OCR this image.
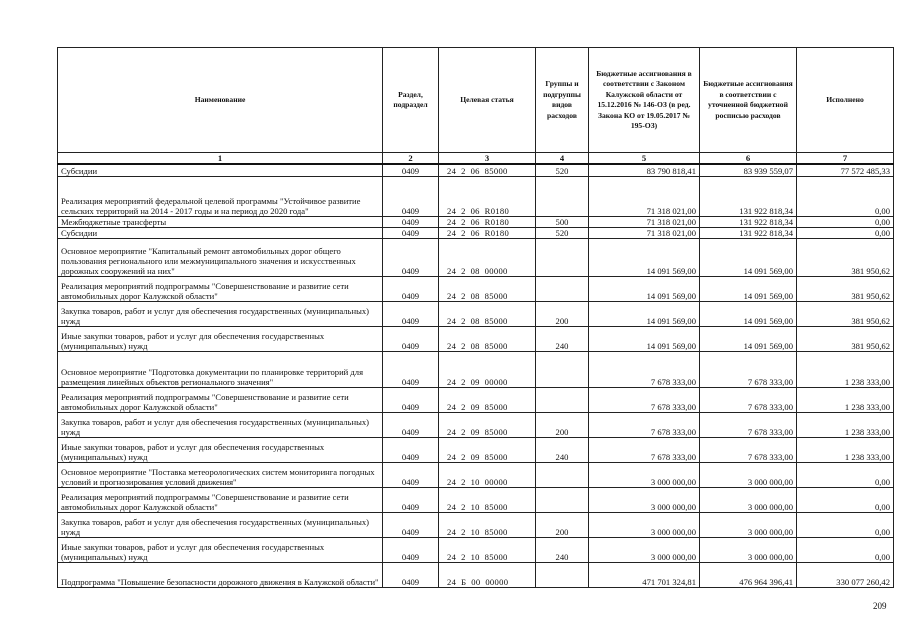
Наименование	Раздел, подраздел	Целевая статья	Группы и подгруппы видов расходов	Бюджетные ассигнования в соответствии с Законом Калужской области от 15.12.2016 № 146-ОЗ (в ред. Закона КО от 19.05.2017 № 195-ОЗ)	Бюджетные ассигнования в соответствии с уточненной бюджетной росписью расходов	Исполнено
1	2	3	4	5	6	7
Субсидии	0409	24  2  06  85000	520	83 790 818,41	83 939 559,07	77 572 485,33
Реализация мероприятий федеральной целевой программы "Устойчивое развитие сельских территорий на 2014 - 2017 годы и на период до 2020 года"	0409	24  2  06  R0180		71 318 021,00	131 922 818,34	0,00
Межбюджетные трансферты	0409	24  2  06  R0180	500	71 318 021,00	131 922 818,34	0,00
Субсидии	0409	24  2  06  R0180	520	71 318 021,00	131 922 818,34	0,00
Основное мероприятие "Капитальный ремонт автомобильных дорог общего пользования регионального или межмуниципального значения и искусственных дорожных сооружений на них"	0409	24  2  08  00000		14 091 569,00	14 091 569,00	381 950,62
Реализация мероприятий подпрограммы "Совершенствование и развитие сети автомобильных дорог Калужской области"	0409	24  2  08  85000		14 091 569,00	14 091 569,00	381 950,62
Закупка товаров, работ и услуг для обеспечения государственных (муниципальных) нужд	0409	24  2  08  85000	200	14 091 569,00	14 091 569,00	381 950,62
Иные закупки товаров, работ и услуг для обеспечения государственных (муниципальных) нужд	0409	24  2  08  85000	240	14 091 569,00	14 091 569,00	381 950,62
Основное мероприятие "Подготовка документации по планировке территорий для размещения линейных объектов регионального значения"	0409	24  2  09  00000		7 678 333,00	7 678 333,00	1 238 333,00
Реализация мероприятий подпрограммы "Совершенствование и развитие сети автомобильных дорог Калужской области"	0409	24  2  09  85000		7 678 333,00	7 678 333,00	1 238 333,00
Закупка товаров, работ и услуг для обеспечения государственных (муниципальных) нужд	0409	24  2  09  85000	200	7 678 333,00	7 678 333,00	1 238 333,00
Иные закупки товаров, работ и услуг для обеспечения государственных (муниципальных) нужд	0409	24  2  09  85000	240	7 678 333,00	7 678 333,00	1 238 333,00
Основное мероприятие "Поставка метеорологических систем мониторинга погодных условий и прогнозирования условий движения"	0409	24  2  10  00000		3 000 000,00	3 000 000,00	0,00
Реализация мероприятий подпрограммы "Совершенствование и развитие сети автомобильных дорог Калужской области"	0409	24  2  10  85000		3 000 000,00	3 000 000,00	0,00
Закупка товаров, работ и услуг для обеспечения государственных (муниципальных) нужд	0409	24  2  10  85000	200	3 000 000,00	3 000 000,00	0,00
Иные закупки товаров, работ и услуг для обеспечения государственных (муниципальных) нужд	0409	24  2  10  85000	240	3 000 000,00	3 000 000,00	0,00
Подпрограмма "Повышение безопасности дорожного движения в Калужской области"	0409	24  Б  00  00000		471 701 324,81	476 964 396,41	330 077 260,42
209
